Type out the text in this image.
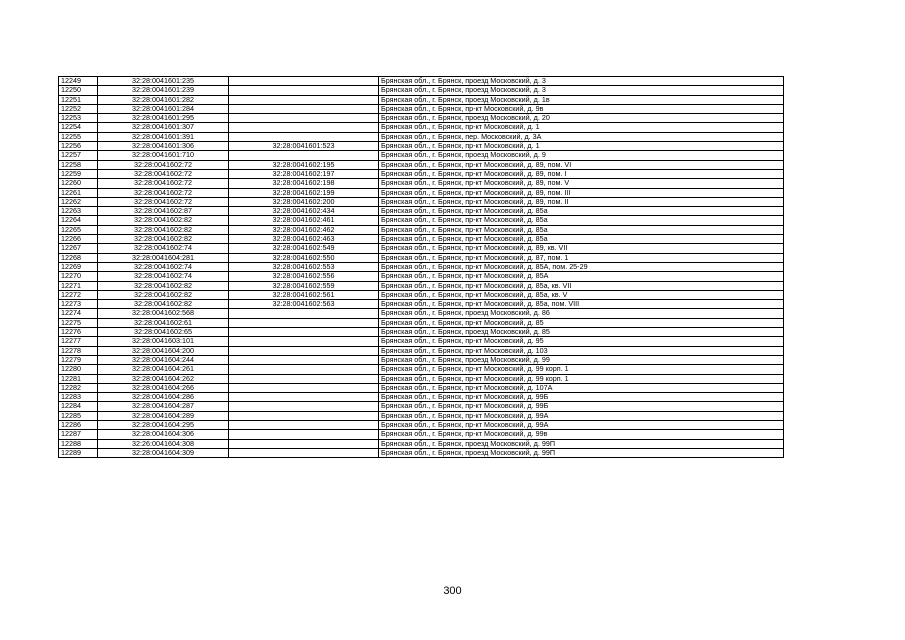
12249	32:28:0041601:235		Брянская обл., г. Брянск, проезд Московский, д. 3
12250	32:28:0041601:239		Брянская обл., г. Брянск, проезд Московский, д. 3
12251	32:28:0041601:282		Брянская обл., г. Брянск, проезд Московский, д. 1в
12252	32:28:0041601:284		Брянская обл., г. Брянск, пр-кт Московский, д. 9в
12253	32:28:0041601:295		Брянская обл., г. Брянск, проезд Московский, д. 20
12254	32:28:0041601:307		Брянская обл., г. Брянск, пр-кт Московский, д. 1
12255	32:28:0041601:391		Брянская обл., г. Брянск, пер. Московский, д. 3А
12256	32:28:0041601:306	32:28:0041601:523	Брянская обл., г. Брянск, пр-кт Московский, д. 1
12257	32:28:0041601:710		Брянская обл., г. Брянск, проезд Московский, д. 9
12258	32:28:0041602:72	32:28:0041602:195	Брянская обл., г. Брянск, пр-кт Московский, д. 89, пом. VI
12259	32:28:0041602:72	32:28:0041602:197	Брянская обл., г. Брянск, пр-кт Московский, д. 89, пом. I
12260	32:28:0041602:72	32:28:0041602:198	Брянская обл., г. Брянск, пр-кт Московский, д. 89, пом. V
12261	32:28:0041602:72	32:28:0041602:199	Брянская обл., г. Брянск, пр-кт Московский, д. 89, пом. III
12262	32:28:0041602:72	32:28:0041602:200	Брянская обл., г. Брянск, пр-кт Московский, д. 89, пом. II
12263	32:28:0041602:87	32:28:0041602:434	Брянская обл., г. Брянск, пр-кт Московский, д. 85а
12264	32:28:0041602:82	32:28:0041602:461	Брянская обл., г. Брянск, пр-кт Московский, д. 85а
12265	32:28:0041602:82	32:28:0041602:462	Брянская обл., г. Брянск, пр-кт Московский, д. 85а
12266	32:28:0041602:82	32:28:0041602:463	Брянская обл., г. Брянск, пр-кт Московский, д. 85а
12267	32:28:0041602:74	32:28:0041602:549	Брянская обл., г. Брянск, пр-кт Московский, д. 89, кв. VII
12268	32:28:0041604:281	32:28:0041602:550	Брянская обл., г. Брянск, пр-кт Московский, д. 87, пом. 1
12269	32:28:0041602:74	32:28:0041602:553	Брянская обл., г. Брянск, пр-кт Московский, д. 85А, пом. 25-29
12270	32:28:0041602:74	32:28:0041602:556	Брянская обл., г. Брянск, пр-кт Московский, д. 85А
12271	32:28:0041602:82	32:28:0041602:559	Брянская обл., г. Брянск, пр-кт Московский, д. 85а, кв. VII
12272	32:28:0041602:82	32:28:0041602:561	Брянская обл., г. Брянск, пр-кт Московский, д. 85а, кв. V
12273	32:28:0041602:82	32:28:0041602:563	Брянская обл., г. Брянск, пр-кт Московский, д. 85а, пом. VIII
12274	32:28:0041602:568		Брянская обл., г. Брянск, проезд Московский, д. 86
12275	32:28:0041602:61		Брянская обл., г. Брянск, пр-кт Московский, д. 85
12276	32:28:0041602:65		Брянская обл., г. Брянск, проезд Московский, д. 85
12277	32:28:0041603:101		Брянская обл., г. Брянск, пр-кт Московский, д. 95
12278	32:28:0041604:200		Брянская обл., г. Брянск, пр-кт Московский, д. 103
12279	32:28:0041604:244		Брянская обл., г. Брянск, проезд Московский, д. 99
12280	32:28:0041604:261		Брянская обл., г. Брянск, пр-кт Московский, д. 99 корп. 1
12281	32:28:0041604:262		Брянская обл., г. Брянск, пр-кт Московский, д. 99 корп. 1
12282	32:28:0041604:266		Брянская обл., г. Брянск, пр-кт Московский, д. 107А
12283	32:28:0041604:286		Брянская обл., г. Брянск, пр-кт Московский, д. 99Б
12284	32:28:0041604:287		Брянская обл., г. Брянск, пр-кт Московский, д. 99Б
12285	32:28:0041604:289		Брянская обл., г. Брянск, пр-кт Московский, д. 99А
12286	32:28:0041604:295		Брянская обл., г. Брянск, пр-кт Московский, д. 99А
12287	32:28:0041604:306		Брянская обл., г. Брянск, пр-кт Московский, д. 99в
12288	32:26:0041604:308		Брянская обл., г. Брянск, проезд Московский, д. 99П
12289	32:28:0041604:309		Брянская обл., г. Брянск, проезд Московский, д. 99П
300
